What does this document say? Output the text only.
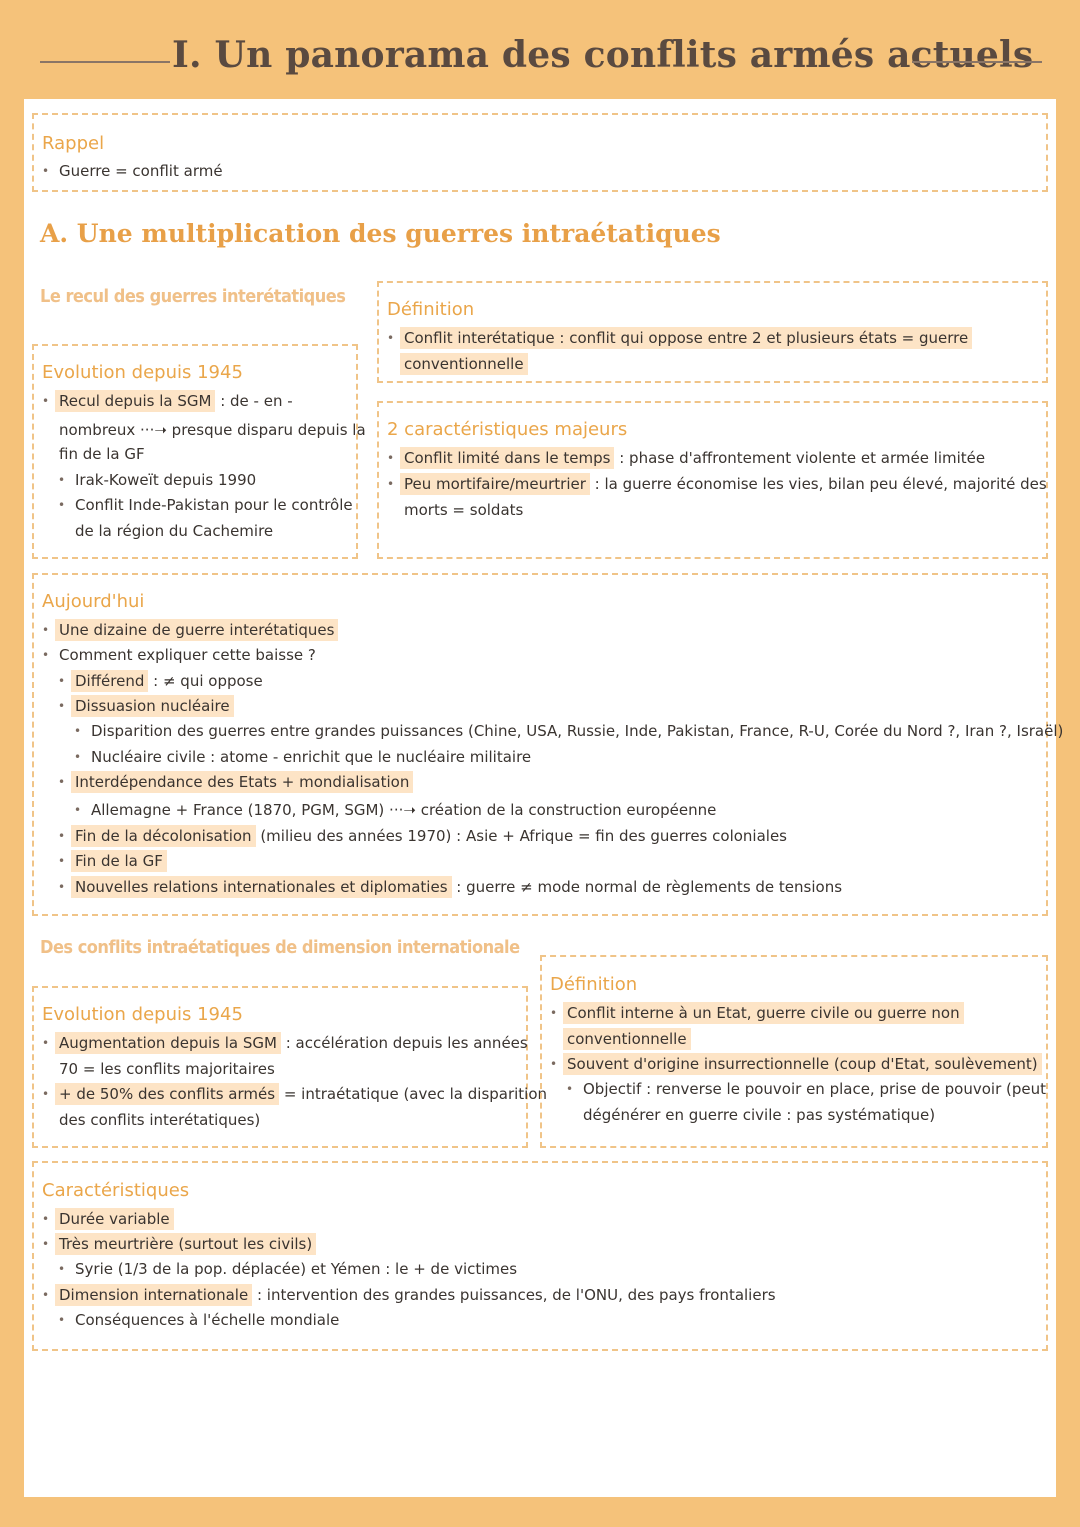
I. Un panorama des conflits armés actuels
Rappel
• Guerre = conflit armé
A. Une multiplication des guerres intraétatiques
Le recul des guerres interétatiques
Evolution depuis 1945
• Recul depuis la SGM : de - en -
nombreux ···➝ presque disparu depuis la
fin de la GF
• Irak-Koweït depuis 1990
• Conflit Inde-Pakistan pour le contrôle
de la région du Cachemire
Définition
• Conflit interétatique : conflit qui oppose entre 2 et plusieurs états = guerre
conventionnelle
2 caractéristiques majeurs
• Conflit limité dans le temps : phase d'affrontement violente et armée limitée
• Peu mortifaire/meurtrier : la guerre économise les vies, bilan peu élevé, majorité des
morts = soldats
Aujourd'hui
• Une dizaine de guerre interétatiques
• Comment expliquer cette baisse ?
• Différend : ≠ qui oppose
• Dissuasion nucléaire
• Disparition des guerres entre grandes puissances (Chine, USA, Russie, Inde, Pakistan, France, R-U, Corée du Nord ?, Iran ?, Israël)
• Nucléaire civile : atome - enrichit que le nucléaire militaire
• Interdépendance des Etats + mondialisation
• Allemagne + France (1870, PGM, SGM) ···➝ création de la construction européenne
• Fin de la décolonisation (milieu des années 1970) : Asie + Afrique = fin des guerres coloniales
• Fin de la GF
• Nouvelles relations internationales et diplomaties : guerre ≠ mode normal de règlements de tensions
Des conflits intraétatiques de dimension internationale
Evolution depuis 1945
• Augmentation depuis la SGM : accélération depuis les années
70 = les conflits majoritaires
• + de 50% des conflits armés = intraétatique (avec la disparition
des conflits interétatiques)
Définition
• Conflit interne à un Etat, guerre civile ou guerre non
conventionnelle
• Souvent d'origine insurrectionnelle (coup d'Etat, soulèvement)
• Objectif : renverse le pouvoir en place, prise de pouvoir (peut
dégénérer en guerre civile : pas systématique)
Caractéristiques
• Durée variable
• Très meurtrière (surtout les civils)
• Syrie (1/3 de la pop. déplacée) et Yémen : le + de victimes
• Dimension internationale : intervention des grandes puissances, de l'ONU, des pays frontaliers
• Conséquences à l'échelle mondiale
